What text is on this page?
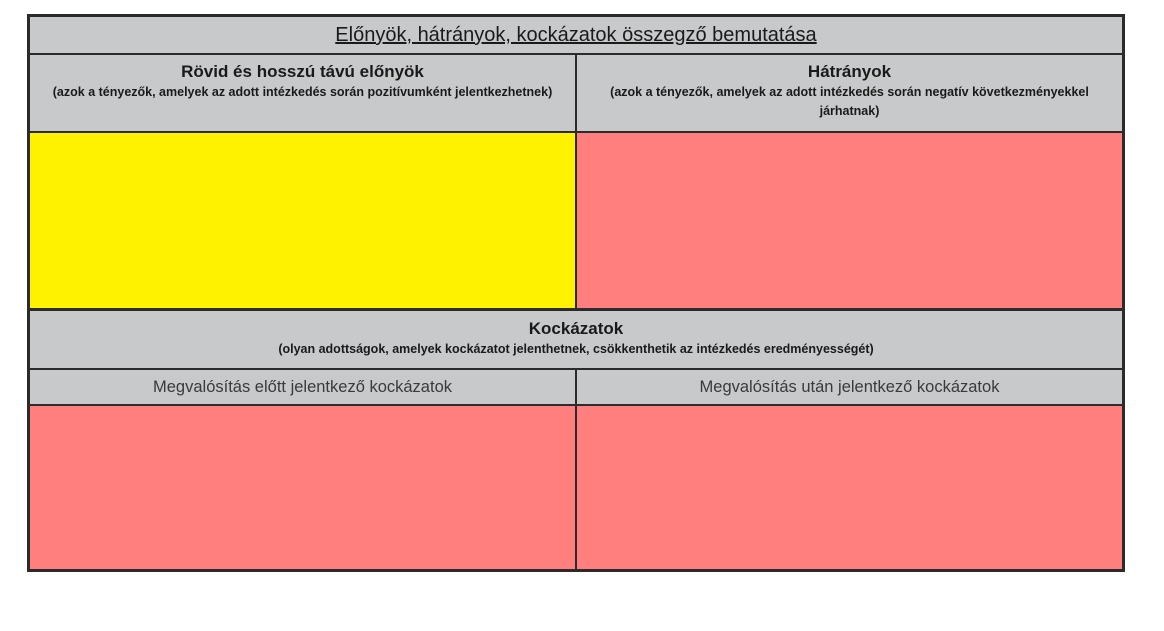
Előnyök, hátrányok, kockázatok összegző bemutatása
Rövid és hosszú távú előnyök
(azok a tényezők, amelyek az adott intézkedés során pozitívumként jelentkezhetnek)
Hátrányok
(azok a tényezők, amelyek az adott intézkedés során negatív következményekkel járhatnak)
Kockázatok
(olyan adottságok, amelyek kockázatot jelenthetnek, csökkenthetik az intézkedés eredményességét)
Megvalósítás előtt jelentkező kockázatok	Megvalósítás után jelentkező kockázatok
